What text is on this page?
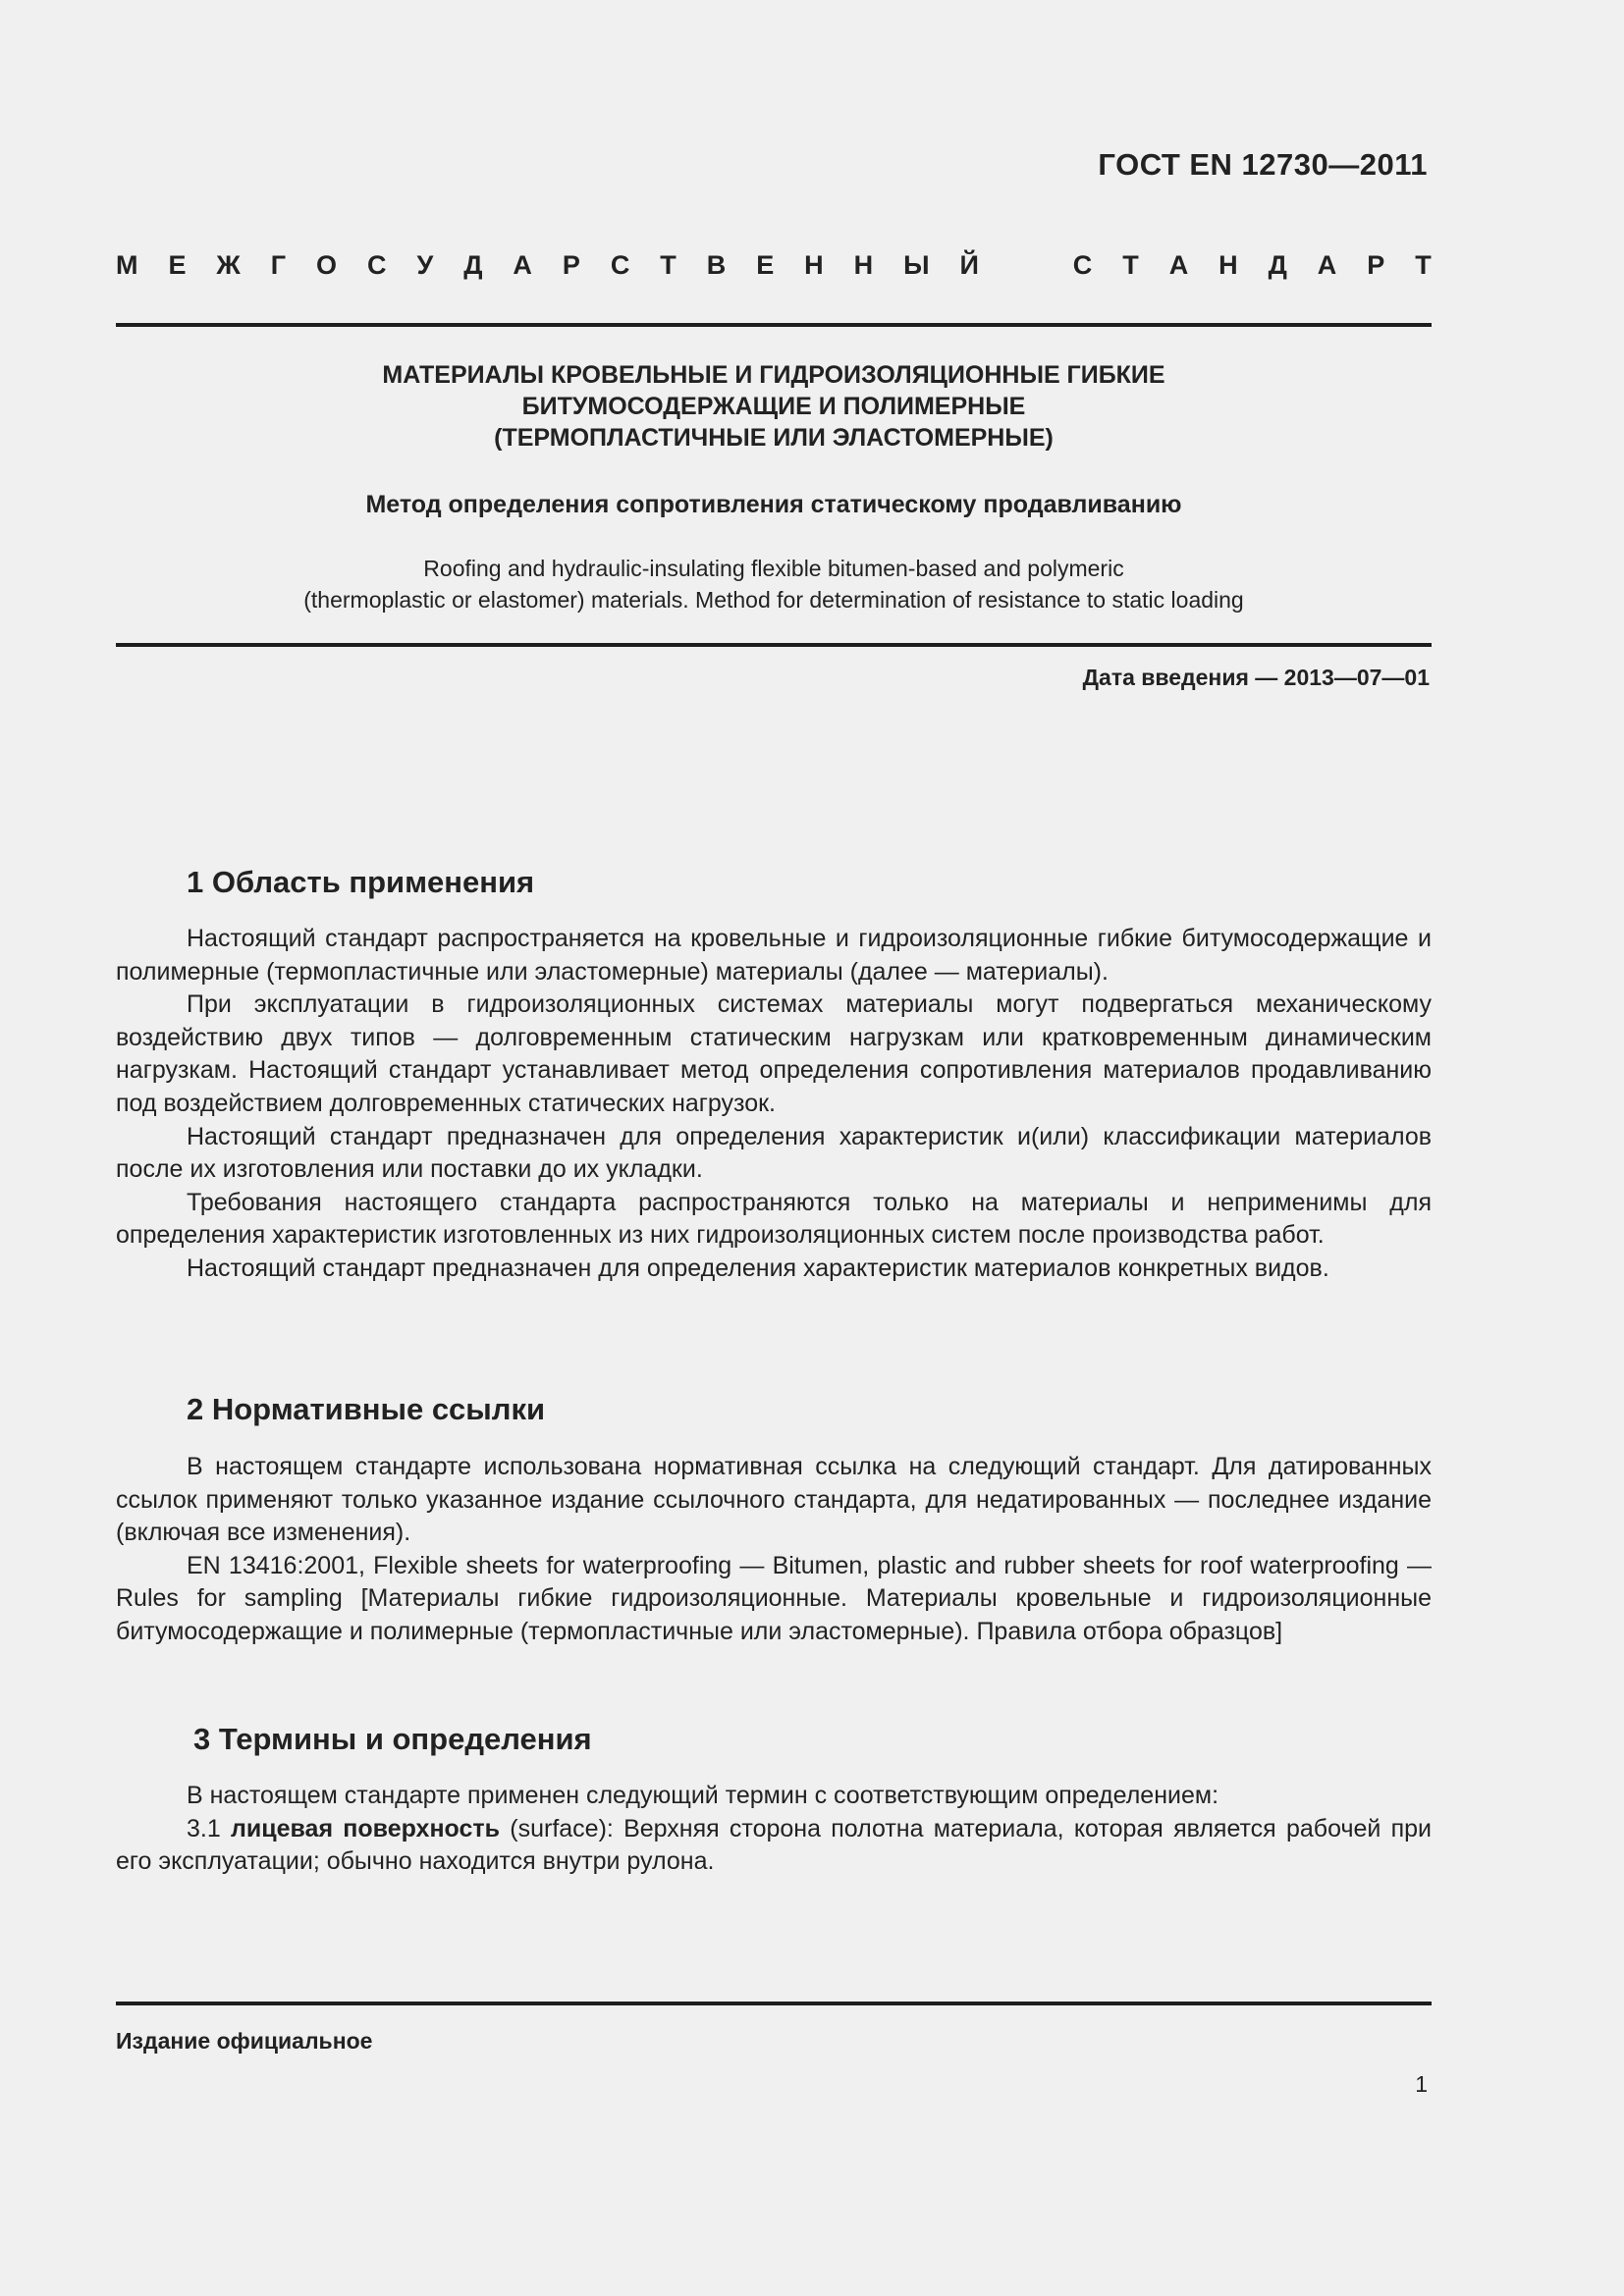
ГОСТ EN 12730—2011
М Е Ж Г О С У Д А Р С Т В Е Н Н Ы Й	С Т А Н Д А Р Т
МАТЕРИАЛЫ КРОВЕЛЬНЫЕ И ГИДРОИЗОЛЯЦИОННЫЕ ГИБКИЕ
БИТУМОСОДЕРЖАЩИЕ И ПОЛИМЕРНЫЕ
(ТЕРМОПЛАСТИЧНЫЕ ИЛИ ЭЛАСТОМЕРНЫЕ)
Метод определения сопротивления статическому продавливанию
Roofing and hydraulic-insulating flexible bitumen-based and polymeric
(thermoplastic or elastomer) materials. Method for determination of resistance to static loading
Дата введения — 2013—07—01
1 Область применения

Настоящий стандарт распространяется на кровельные и гидроизоляционные гибкие битумосодержащие и полимерные (термопластичные или эластомерные) материалы (далее — материалы).

При эксплуатации в гидроизоляционных системах материалы могут подвергаться механическому воздействию двух типов — долговременным статическим нагрузкам или кратковременным динамическим нагрузкам. Настоящий стандарт устанавливает метод определения сопротивления материалов продавливанию под воздействием долговременных статических нагрузок.

Настоящий стандарт предназначен для определения характеристик и(или) классификации материалов после их изготовления или поставки до их укладки.

Требования настоящего стандарта распространяются только на материалы и неприменимы для определения характеристик изготовленных из них гидроизоляционных систем после производства работ.

Настоящий стандарт предназначен для определения характеристик материалов конкретных видов.

2 Нормативные ссылки

В настоящем стандарте использована нормативная ссылка на следующий стандарт. Для датированных ссылок применяют только указанное издание ссылочного стандарта, для недатированных — последнее издание (включая все изменения).

EN 13416:2001, Flexible sheets for waterproofing — Bitumen, plastic and rubber sheets for roof waterproofing — Rules for sampling [Материалы гибкие гидроизоляционные. Материалы кровельные и гидроизоляционные битумосодержащие и полимерные (термопластичные или эластомерные). Правила отбора образцов]

3 Термины и определения

В настоящем стандарте применен следующий термин с соответствующим определением:

3.1 лицевая поверхность (surface): Верхняя сторона полотна материала, которая является рабочей при его эксплуатации; обычно находится внутри рулона.

Издание официальное
1
